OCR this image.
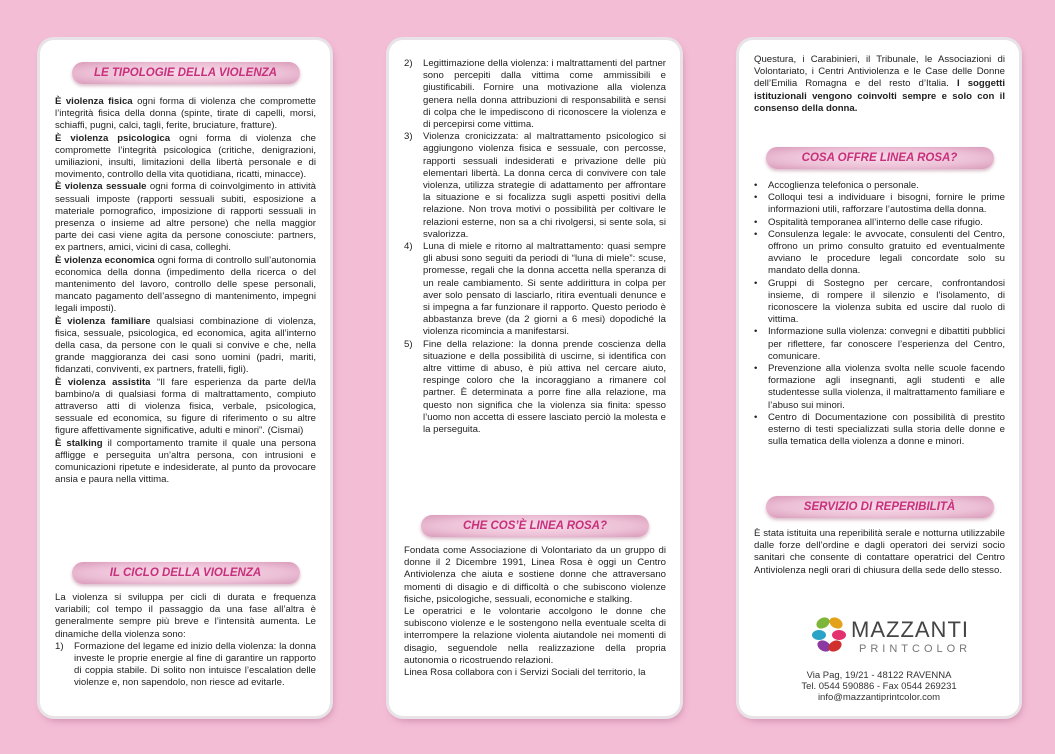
LE TIPOLOGIE DELLA VIOLENZA

È violenza fisica ogni forma di violenza che compromette l’integrità fisica della donna (spinte, tirate di capelli, morsi, schiaffi, pugni, calci, tagli, ferite, bruciature, fratture).
È violenza psicologica ogni forma di violenza che compromette l’integrità psicologica (critiche, denigrazioni, umiliazioni, insulti, limitazioni della libertà personale e di movimento, controllo della vita quotidiana, ricatti, minacce).
È violenza sessuale ogni forma di coinvolgimento in attività sessuali imposte (rapporti sessuali subiti, esposizione a materiale pornografico, imposizione di rapporti sessuali in presenza o insieme ad altre persone) che nella maggior parte dei casi viene agita da persone conosciute: partners, ex partners, amici, vicini di casa, colleghi.
È violenza economica ogni forma di controllo sull’autonomia economica della donna (impedimento della ricerca o del mantenimento del lavoro, controllo delle spese personali, mancato pagamento dell’assegno di mantenimento, impegni legali imposti).
È violenza familiare qualsiasi combinazione di violenza, fisica, sessuale, psicologica, ed economica, agita all’interno della casa, da persone con le quali si convive e che, nella grande maggioranza dei casi sono uomini (padri, mariti, fidanzati, conviventi, ex partners, fratelli, figli).
È violenza assistita “Il fare esperienza da parte del/la bambino/a di qualsiasi forma di maltrattamento, compiuto attraverso atti di violenza fisica, verbale, psicologica, sessuale ed economica, su figure di riferimento o su altre figure affettivamente significative, adulti e minori”. (Cismai)
È stalking il comportamento tramite il quale una persona affligge e perseguita un’altra persona, con intrusioni e comunicazioni ripetute e indesiderate, al punto da provocare ansia e paura nella vittima.

IL CICLO DELLA VIOLENZA

La violenza si sviluppa per cicli di durata e frequenza variabili; col tempo il passaggio da una fase all’altra è generalmente sempre più breve e l’intensità aumenta. Le dinamiche della violenza sono:

1) Formazione del legame ed inizio della violenza: la donna investe le proprie energie al fine di garantire un rapporto di coppia stabile. Di solito non intuisce l’escalation delle violenze e, non sapendolo, non riesce ad evitarle.
2) Legittimazione della violenza: i maltrattamenti del partner sono percepiti dalla vittima come ammissibili e giustificabili. Fornire una motivazione alla violenza genera nella donna attribuzioni di responsabilità e sensi di colpa che le impediscono di riconoscere la violenza e di percepirsi come vittima.
3) Violenza cronicizzata: al maltrattamento psicologico si aggiungono violenza fisica e sessuale, con percosse, rapporti sessuali indesiderati e privazione delle più elementari libertà. La donna cerca di convivere con tale violenza, utilizza strategie di adattamento per affrontare la situazione e si focalizza sugli aspetti positivi della relazione. Non trova motivi o possibilità per coltivare le relazioni esterne, non sa a chi rivolgersi, si sente sola, si svalorizza.
4) Luna di miele e ritorno al maltrattamento: quasi sempre gli abusi sono seguiti da periodi di “luna di miele”: scuse, promesse, regali che la donna accetta nella speranza di un reale cambiamento. Si sente addirittura in colpa per aver solo pensato di lasciarlo, ritira eventuali denunce e si impegna a far funzionare il rapporto. Questo periodo è abbastanza breve (da 2 giorni a 6 mesi) dopodiché la violenza ricomincia a manifestarsi.
5) Fine della relazione: la donna prende coscienza della situazione e della possibilità di uscirne, si identifica con altre vittime di abuso, è più attiva nel cercare aiuto, respinge coloro che la incoraggiano a rimanere col partner. È determinata a porre fine alla relazione, ma questo non significa che la violenza sia finita: spesso l’uomo non accetta di essere lasciato perciò la molesta e la perseguita.
CHE COS’È LINEA ROSA?

Fondata come Associazione di Volontariato da un gruppo di donne il 2 Dicembre 1991, Linea Rosa è oggi un Centro Antiviolenza che aiuta e sostiene donne che attraversano momenti di disagio e di difficoltà o che subiscono violenze fisiche, psicologiche, sessuali, economiche e stalking.

Le operatrici e le volontarie accolgono le donne che subiscono violenze e le sostengono nella eventuale scelta di interrompere la relazione violenta aiutandole nei momenti di disagio, seguendole nella realizzazione della propria autonomia o ricostruendo relazioni.

Linea Rosa collabora con i Servizi Sociali del territorio, la

Questura, i Carabinieri, il Tribunale, le Associazioni di Volontariato, i Centri Antiviolenza e le Case delle Donne dell’Emilia Romagna e del resto d’Italia. I soggetti istituzionali vengono coinvolti sempre e solo con il consenso della donna.

COSA OFFRE LINEA ROSA?
• Accoglienza telefonica o personale.
• Colloqui tesi a individuare i bisogni, fornire le prime informazioni utili, rafforzare l’autostima della donna.
• Ospitalità temporanea all’interno delle case rifugio.
• Consulenza legale: le avvocate, consulenti del Centro, offrono un primo consulto gratuito ed eventualmente avviano le procedure legali concordate solo su mandato della donna.
• Gruppi di Sostegno per cercare, confrontandosi insieme, di rompere il silenzio e l’isolamento, di riconoscere la violenza subita ed uscire dal ruolo di vittima.
• Informazione sulla violenza: convegni e dibattiti pubblici per riflettere, far conoscere l’esperienza del Centro, comunicare.
• Prevenzione alla violenza svolta nelle scuole facendo formazione agli insegnanti, agli studenti e alle studentesse sulla violenza, il maltrattamento familiare e l’abuso sui minori.
• Centro di Documentazione con possibilità di prestito esterno di testi specializzati sulla storia delle donne e sulla tematica della violenza a donne e minori.
SERVIZIO DI REPERIBILITÀ

È stata istituita una reperibilità serale e notturna utilizzabile dalle forze dell’ordine e dagli operatori dei servizi socio sanitari che consente di contattare operatrici del Centro Antiviolenza negli orari di chiusura della sede dello stesso.

MAZZANTI
PRINTCOLOR
Via Pag, 19/21 - 48122 RAVENNA
Tel. 0544 590886 - Fax 0544 269231
info@mazzantiprintcolor.com
